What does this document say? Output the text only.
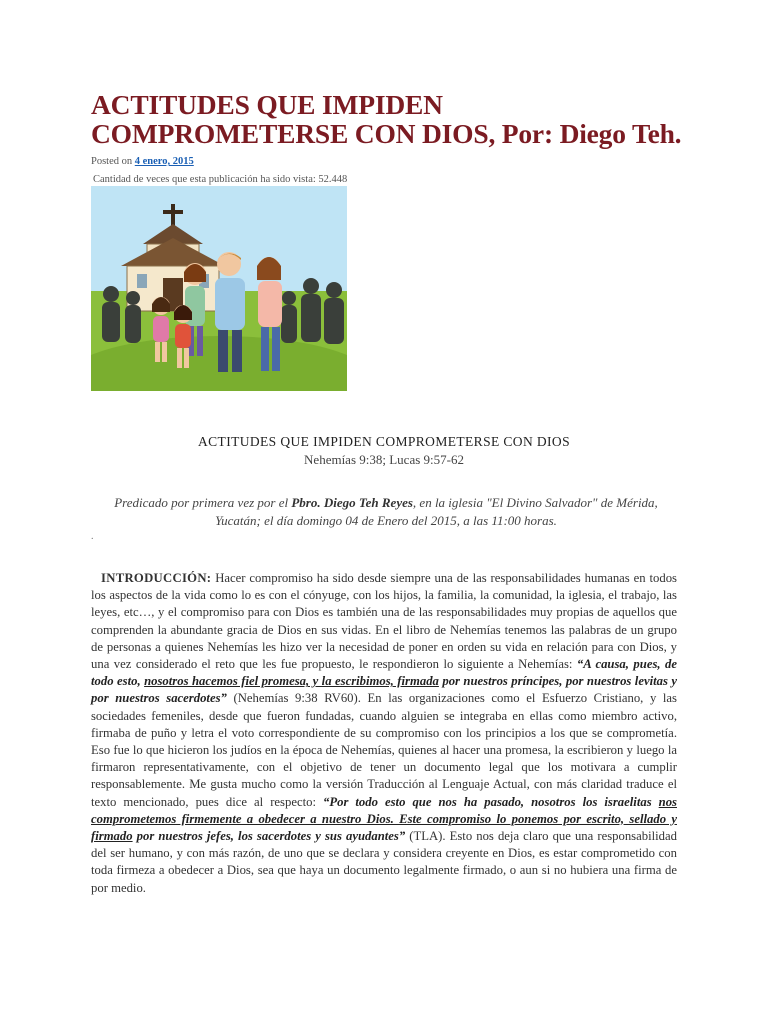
ACTITUDES QUE IMPIDEN COMPROMETERSE CON DIOS, Por: Diego Teh.
Posted on 4 enero, 2015
Cantidad de veces que esta publicación ha sido vista: 52.448
ACTITUDES QUE IMPIDEN COMPROMETERSE CON DIOS
Nehemías 9:38; Lucas 9:57-62
Predicado por primera vez por el Pbro. Diego Teh Reyes, en la iglesia "El Divino Salvador" de Mérida, Yucatán; el día domingo 04 de Enero del 2015, a las 11:00 horas.
.
INTRODUCCIÓN: Hacer compromiso ha sido desde siempre una de las responsabilidades humanas en todos los aspectos de la vida como lo es con el cónyuge, con los hijos, la familia, la comunidad, la iglesia, el trabajo, las leyes, etc…, y el compromiso para con Dios es también una de las responsabilidades muy propias de aquellos que comprenden la abundante gracia de Dios en sus vidas. En el libro de Nehemías tenemos las palabras de un grupo de personas a quienes Nehemías les hizo ver la necesidad de poner en orden su vida en relación para con Dios, y una vez considerado el reto que les fue propuesto, le respondieron lo siguiente a Nehemías: “A causa, pues, de todo esto, nosotros hacemos fiel promesa, y la escribimos, firmada por nuestros príncipes, por nuestros levitas y por nuestros sacerdotes” (Nehemías 9:38 RV60). En las organizaciones como el Esfuerzo Cristiano, y las sociedades femeniles, desde que fueron fundadas, cuando alguien se integraba en ellas como miembro activo, firmaba de puño y letra el voto correspondiente de su compromiso con los principios a los que se comprometía. Eso fue lo que hicieron los judíos en la época de Nehemías, quienes al hacer una promesa, la escribieron y luego la firmaron representativamente, con el objetivo de tener un documento legal que los motivara a cumplir responsablemente. Me gusta mucho como la versión Traducción al Lenguaje Actual, con más claridad traduce el texto mencionado, pues dice al respecto: “Por todo esto que nos ha pasado, nosotros los israelitas nos comprometemos firmemente a obedecer a nuestro Dios. Este compromiso lo ponemos por escrito, sellado y firmado por nuestros jefes, los sacerdotes y sus ayudantes” (TLA). Esto nos deja claro que una responsabilidad del ser humano, y con más razón, de uno que se declara y considera creyente en Dios, es estar comprometido con toda firmeza a obedecer a Dios, sea que haya un documento legalmente firmado, o aun si no hubiera una firma de por medio.
